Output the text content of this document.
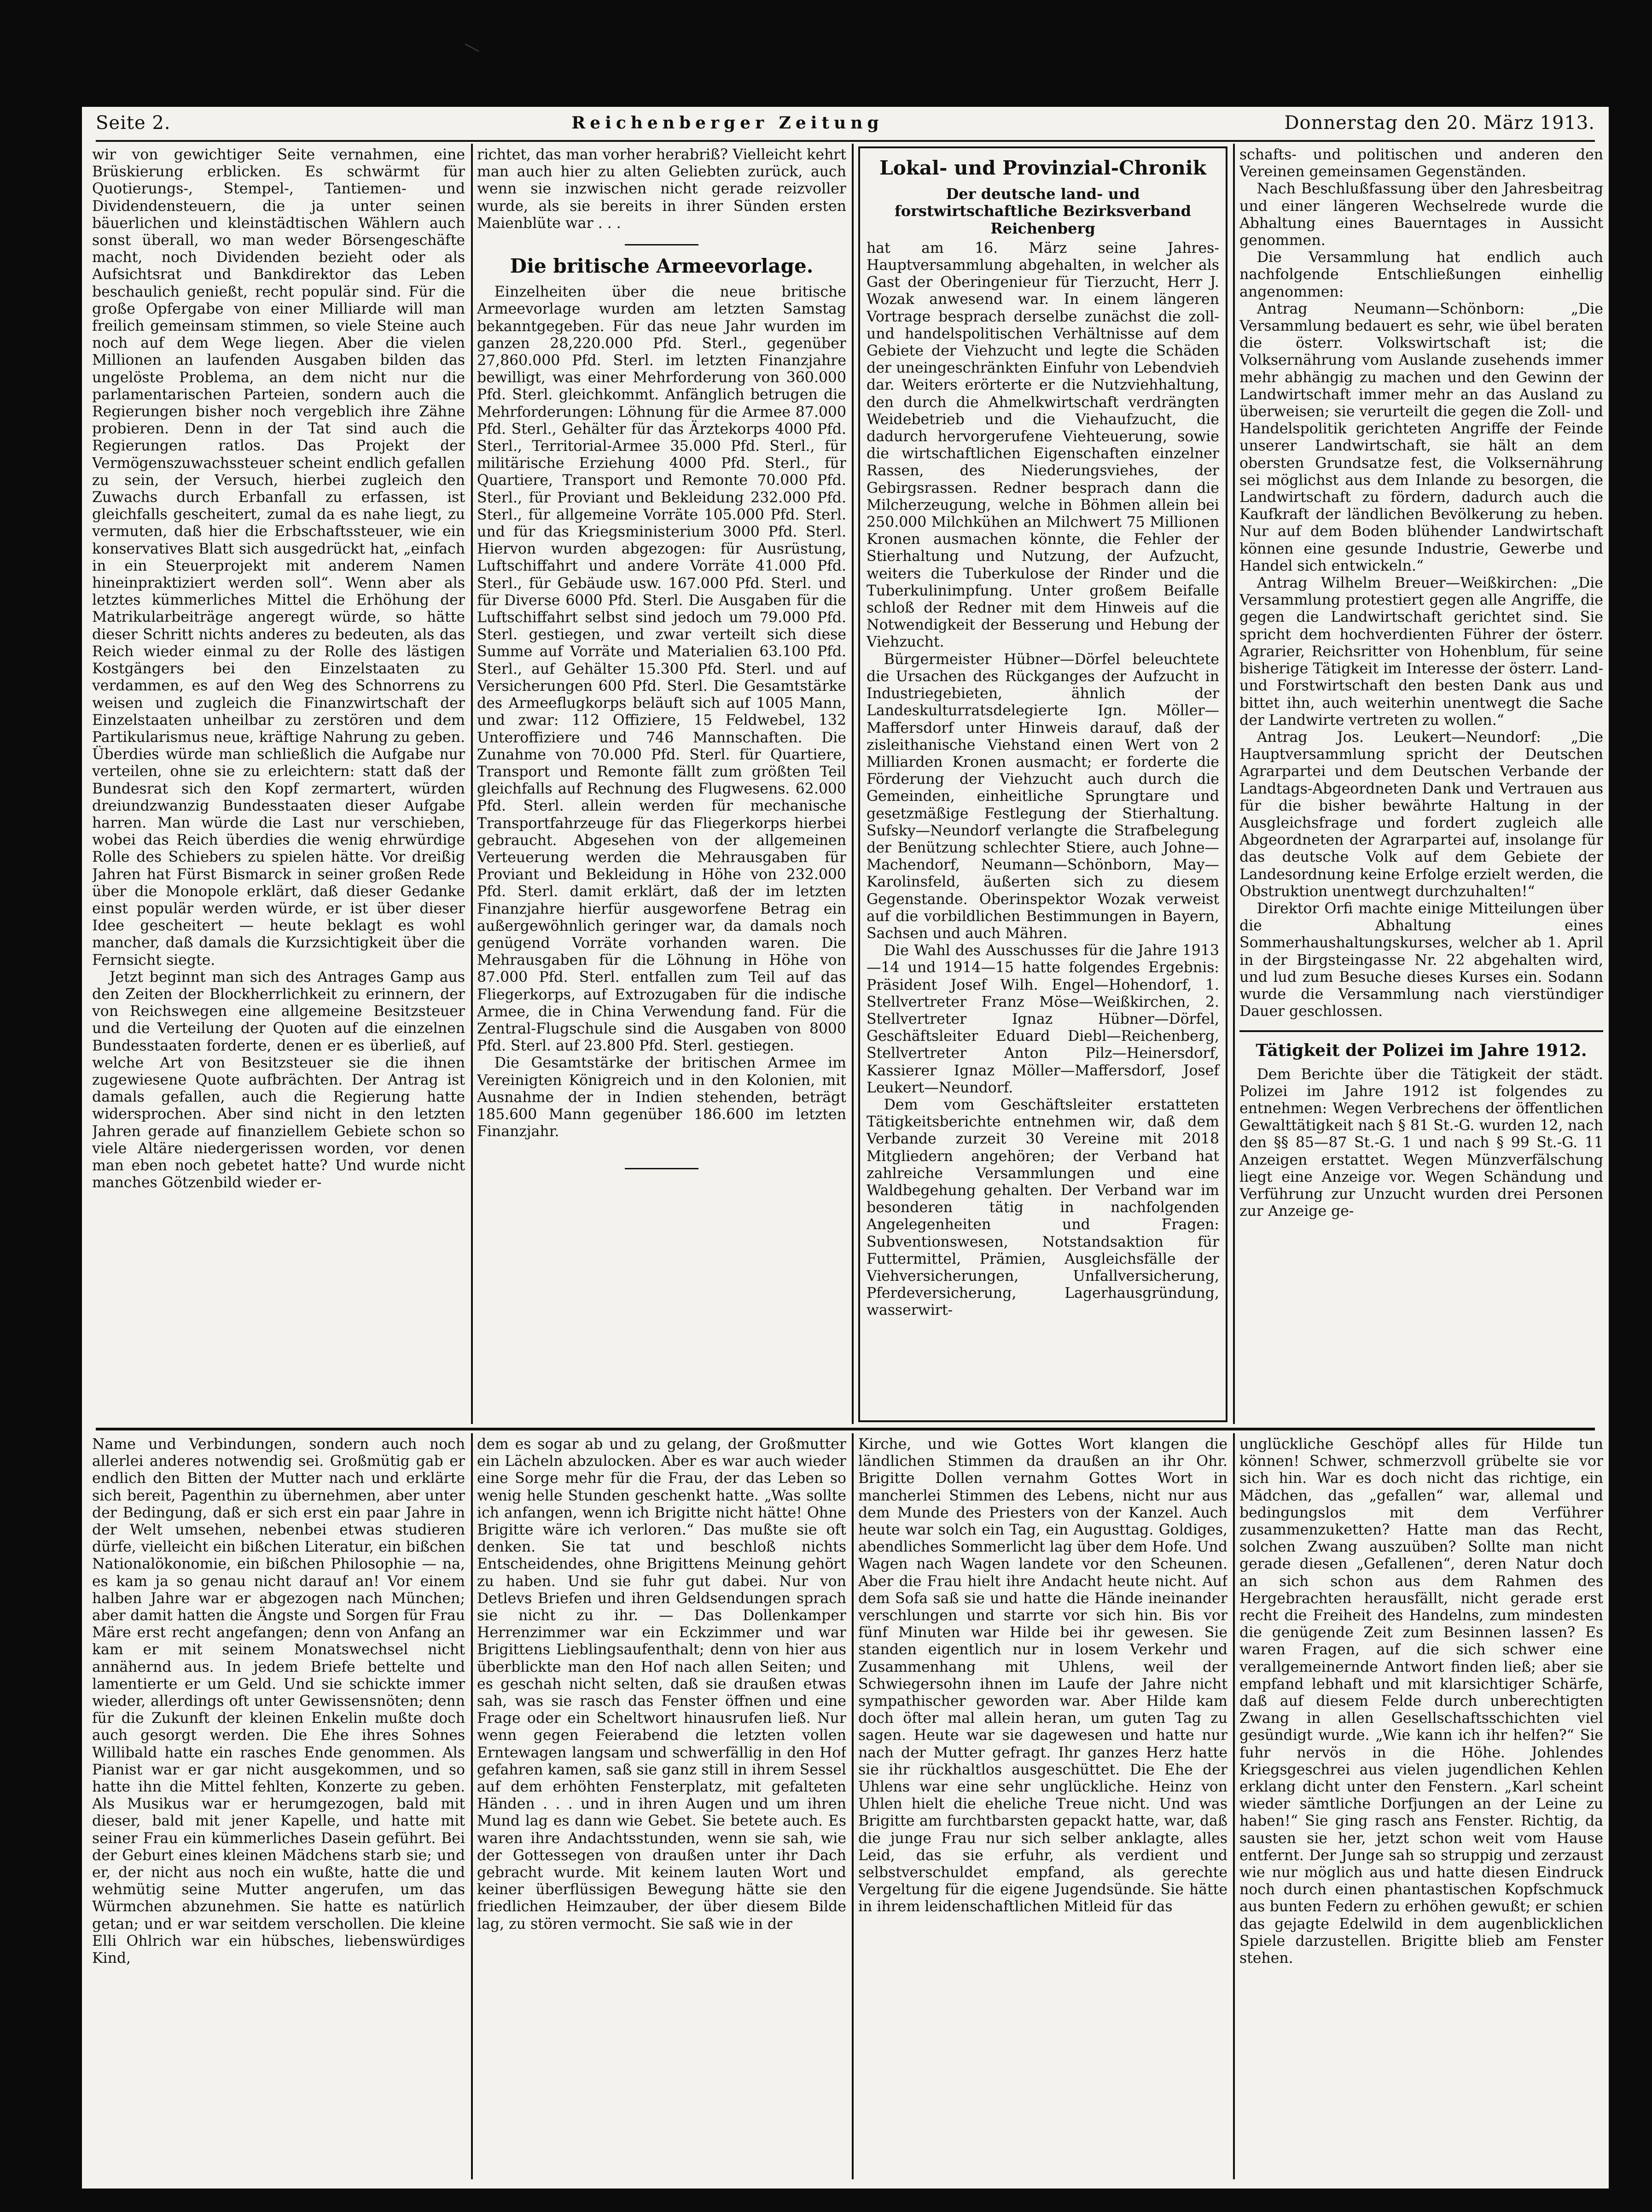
Seite 2.	Reichenberger Zeitung	Donnerstag den 20. März 1913.

wir von gewichtiger Seite vernahmen, eine Brüskierung erblicken. Es schwärmt für Quotierungs-, Stempel-, Tantiemen- und Dividendensteuern, die ja unter seinen bäuerlichen und kleinstädtischen Wählern auch sonst überall, wo man weder Börsengeschäfte macht, noch Dividenden bezieht oder als Aufsichtsrat und Bankdirektor das Leben beschaulich genießt, recht populär sind. Für die große Opfergabe von einer Milliarde will man freilich gemeinsam stimmen, so viele Steine auch noch auf dem Wege liegen. Aber die vielen Millionen an laufenden Ausgaben bilden das ungelöste Problema, an dem nicht nur die parlamentarischen Parteien, sondern auch die Regierungen bisher noch vergeblich ihre Zähne probieren. Denn in der Tat sind auch die Regierungen ratlos. Das Projekt der Vermögenszuwachssteuer scheint endlich gefallen zu sein, der Versuch, hierbei zugleich den Zuwachs durch Erbanfall zu erfassen, ist gleichfalls gescheitert, zumal da es nahe liegt, zu vermuten, daß hier die Erbschaftssteuer, wie ein konservatives Blatt sich ausgedrückt hat, „einfach in ein Steuerprojekt mit anderem Namen hineinpraktiziert werden soll“. Wenn aber als letztes kümmerliches Mittel die Erhöhung der Matrikularbeiträge angeregt würde, so hätte dieser Schritt nichts anderes zu bedeuten, als das Reich wieder einmal zu der Rolle des lästigen Kostgängers bei den Einzelstaaten zu verdammen, es auf den Weg des Schnorrens zu weisen und zugleich die Finanzwirtschaft der Einzelstaaten unheilbar zu zerstören und dem Partikularismus neue, kräftige Nahrung zu geben. Überdies würde man schließlich die Aufgabe nur verteilen, ohne sie zu erleichtern: statt daß der Bundesrat sich den Kopf zermartert, würden dreiundzwanzig Bundesstaaten dieser Aufgabe harren. Man würde die Last nur verschieben, wobei das Reich überdies die wenig ehrwürdige Rolle des Schiebers zu spielen hätte. Vor dreißig Jahren hat Fürst Bismarck in seiner großen Rede über die Monopole erklärt, daß dieser Gedanke einst populär werden würde, er ist über dieser Idee gescheitert — heute beklagt es wohl mancher, daß damals die Kurzsichtigkeit über die Fernsicht siegte.

Jetzt beginnt man sich des Antrages Gamp aus den Zeiten der Blockherrlichkeit zu erinnern, der von Reichswegen eine allgemeine Besitzsteuer und die Verteilung der Quoten auf die einzelnen Bundesstaaten forderte, denen er es überließ, auf welche Art von Besitzsteuer sie die ihnen zugewiesene Quote aufbrächten. Der Antrag ist damals gefallen, auch die Regierung hatte widersprochen. Aber sind nicht in den letzten Jahren gerade auf finanziellem Gebiete schon so viele Altäre niedergerissen worden, vor denen man eben noch gebetet hatte? Und wurde nicht manches Götzenbild wieder er-

richtet, das man vorher herabriß? Vielleicht kehrt man auch hier zu alten Geliebten zurück, auch wenn sie inzwischen nicht gerade reizvoller wurde, als sie bereits in ihrer Sünden ersten Maienblüte war . . .

Die britische Armeevorlage.

Einzelheiten über die neue britische Armeevorlage wurden am letzten Samstag bekanntgegeben. Für das neue Jahr wurden im ganzen 28,220.000 Pfd. Sterl., gegenüber 27,860.000 Pfd. Sterl. im letzten Finanzjahre bewilligt, was einer Mehrforderung von 360.000 Pfd. Sterl. gleichkommt. Anfänglich betrugen die Mehrforderungen: Löhnung für die Armee 87.000 Pfd. Sterl., Gehälter für das Ärztekorps 4000 Pfd. Sterl., Territorial-Armee 35.000 Pfd. Sterl., für militärische Erziehung 4000 Pfd. Sterl., für Quartiere, Transport und Remonte 70.000 Pfd. Sterl., für Proviant und Bekleidung 232.000 Pfd. Sterl., für allgemeine Vorräte 105.000 Pfd. Sterl. und für das Kriegsministerium 3000 Pfd. Sterl. Hiervon wurden abgezogen: für Ausrüstung, Luftschiffahrt und andere Vorräte 41.000 Pfd. Sterl., für Gebäude usw. 167.000 Pfd. Sterl. und für Diverse 6000 Pfd. Sterl. Die Ausgaben für die Luftschiffahrt selbst sind jedoch um 79.000 Pfd. Sterl. gestiegen, und zwar verteilt sich diese Summe auf Vorräte und Materialien 63.100 Pfd. Sterl., auf Gehälter 15.300 Pfd. Sterl. und auf Versicherungen 600 Pfd. Sterl. Die Gesamtstärke des Armeeflugkorps beläuft sich auf 1005 Mann, und zwar: 112 Offiziere, 15 Feldwebel, 132 Unteroffiziere und 746 Mannschaften. Die Zunahme von 70.000 Pfd. Sterl. für Quartiere, Transport und Remonte fällt zum größten Teil gleichfalls auf Rechnung des Flugwesens. 62.000 Pfd. Sterl. allein werden für mechanische Transportfahrzeuge für das Fliegerkorps hierbei gebraucht. Abgesehen von der allgemeinen Verteuerung werden die Mehrausgaben für Proviant und Bekleidung in Höhe von 232.000 Pfd. Sterl. damit erklärt, daß der im letzten Finanzjahre hierfür ausgeworfene Betrag ein außergewöhnlich geringer war, da damals noch genügend Vorräte vorhanden waren. Die Mehrausgaben für die Löhnung in Höhe von 87.000 Pfd. Sterl. entfallen zum Teil auf das Fliegerkorps, auf Extrozugaben für die indische Armee, die in China Verwendung fand. Für die Zentral-Flugschule sind die Ausgaben von 8000 Pfd. Sterl. auf 23.800 Pfd. Sterl. gestiegen.

Die Gesamtstärke der britischen Armee im Vereinigten Königreich und in den Kolonien, mit Ausnahme der in Indien stehenden, beträgt 185.600 Mann gegenüber 186.600 im letzten Finanzjahr.

Lokal- und Provinzial-Chronik
Der deutsche land- und forstwirtschaftliche Bezirksverband Reichenberg

hat am 16. März seine Jahres-Hauptversammlung abgehalten, in welcher als Gast der Oberingenieur für Tierzucht, Herr J. Wozak anwesend war. In einem längeren Vortrage besprach derselbe zunächst die zoll- und handelspolitischen Verhältnisse auf dem Gebiete der Viehzucht und legte die Schäden der uneingeschränkten Einfuhr von Lebendvieh dar. Weiters erörterte er die Nutzviehhaltung, den durch die Ahmelkwirtschaft verdrängten Weidebetrieb und die Viehaufzucht, die dadurch hervorgerufene Viehteuerung, sowie die wirtschaftlichen Eigenschaften einzelner Rassen, des Niederungsviehes, der Gebirgsrassen. Redner besprach dann die Milcherzeugung, welche in Böhmen allein bei 250.000 Milchkühen an Milchwert 75 Millionen Kronen ausmachen könnte, die Fehler der Stierhaltung und Nutzung, der Aufzucht, weiters die Tuberkulose der Rinder und die Tuberkulinimpfung. Unter großem Beifalle schloß der Redner mit dem Hinweis auf die Notwendigkeit der Besserung und Hebung der Viehzucht.

Bürgermeister Hübner—Dörfel beleuchtete die Ursachen des Rückganges der Aufzucht in Industriegebieten, ähnlich der Landeskulturratsdelegierte Ign. Möller—Maffersdorf unter Hinweis darauf, daß der zisleithanische Viehstand einen Wert von 2 Milliarden Kronen ausmacht; er forderte die Förderung der Viehzucht auch durch die Gemeinden, einheitliche Sprungtare und gesetzmäßige Festlegung der Stierhaltung. Sufsky—Neundorf verlangte die Strafbelegung der Benützung schlechter Stiere, auch Johne—Machendorf, Neumann—Schönborn, May—Karolinsfeld, äußerten sich zu diesem Gegenstande. Oberinspektor Wozak verweist auf die vorbildlichen Bestimmungen in Bayern, Sachsen und auch Mähren.

Die Wahl des Ausschusses für die Jahre 1913—14 und 1914—15 hatte folgendes Ergebnis: Präsident Josef Wilh. Engel—Hohendorf, 1. Stellvertreter Franz Möse—Weißkirchen, 2. Stellvertreter Ignaz Hübner—Dörfel, Geschäftsleiter Eduard Diebl—Reichenberg, Stellvertreter Anton Pilz—Heinersdorf, Kassierer Ignaz Möller—Maffersdorf, Josef Leukert—Neundorf.

Dem vom Geschäftsleiter erstatteten Tätigkeitsberichte entnehmen wir, daß dem Verbande zurzeit 30 Vereine mit 2018 Mitgliedern angehören; der Verband hat zahlreiche Versammlungen und eine Waldbegehung gehalten. Der Verband war im besonderen tätig in nachfolgenden Angelegenheiten und Fragen: Subventionswesen, Notstandsaktion für Futtermittel, Prämien, Ausgleichsfälle der Viehversicherungen, Unfallversicherung, Pferdeversicherung, Lagerhausgründung, wasserwirt-

schafts- und politischen und anderen den Vereinen gemeinsamen Gegenständen.

Nach Beschlußfassung über den Jahresbeitrag und einer längeren Wechselrede wurde die Abhaltung eines Bauerntages in Aussicht genommen.

Die Versammlung hat endlich auch nachfolgende Entschließungen einhellig angenommen:

Antrag Neumann—Schönborn: „Die Versammlung bedauert es sehr, wie übel beraten die österr. Volkswirtschaft ist; die Volksernährung vom Auslande zusehends immer mehr abhängig zu machen und den Gewinn der Landwirtschaft immer mehr an das Ausland zu überweisen; sie verurteilt die gegen die Zoll- und Handelspolitik gerichteten Angriffe der Feinde unserer Landwirtschaft, sie hält an dem obersten Grundsatze fest, die Volksernährung sei möglichst aus dem Inlande zu besorgen, die Landwirtschaft zu fördern, dadurch auch die Kaufkraft der ländlichen Bevölkerung zu heben. Nur auf dem Boden blühender Landwirtschaft können eine gesunde Industrie, Gewerbe und Handel sich entwickeln.“

Antrag Wilhelm Breuer—Weißkirchen: „Die Versammlung protestiert gegen alle Angriffe, die gegen die Landwirtschaft gerichtet sind. Sie spricht dem hochverdienten Führer der österr. Agrarier, Reichsritter von Hohenblum, für seine bisherige Tätigkeit im Interesse der österr. Land- und Forstwirtschaft den besten Dank aus und bittet ihn, auch weiterhin unentwegt die Sache der Landwirte vertreten zu wollen.“

Antrag Jos. Leukert—Neundorf: „Die Hauptversammlung spricht der Deutschen Agrarpartei und dem Deutschen Verbande der Landtags-Abgeordneten Dank und Vertrauen aus für die bisher bewährte Haltung in der Ausgleichsfrage und fordert zugleich alle Abgeordneten der Agrarpartei auf, insolange für das deutsche Volk auf dem Gebiete der Landesordnung keine Erfolge erzielt werden, die Obstruktion unentwegt durchzuhalten!“

Direktor Orfi machte einige Mitteilungen über die Abhaltung eines Sommerhaushaltungskurses, welcher ab 1. April in der Birgsteingasse Nr. 22 abgehalten wird, und lud zum Besuche dieses Kurses ein. Sodann wurde die Versammlung nach vierstündiger Dauer geschlossen.

Tätigkeit der Polizei im Jahre 1912.

Dem Berichte über die Tätigkeit der städt. Polizei im Jahre 1912 ist folgendes zu entnehmen: Wegen Verbrechens der öffentlichen Gewalttätigkeit nach § 81 St.-G. wurden 12, nach den §§ 85—87 St.-G. 1 und nach § 99 St.-G. 11 Anzeigen erstattet. Wegen Münzverfälschung liegt eine Anzeige vor. Wegen Schändung und Verführung zur Unzucht wurden drei Personen zur Anzeige ge-

Name und Verbindungen, sondern auch noch allerlei anderes notwendig sei. Großmütig gab er endlich den Bitten der Mutter nach und erklärte sich bereit, Pagenthin zu übernehmen, aber unter der Bedingung, daß er sich erst ein paar Jahre in der Welt umsehen, nebenbei etwas studieren dürfe, vielleicht ein bißchen Literatur, ein bißchen Nationalökonomie, ein bißchen Philosophie — na, es kam ja so genau nicht darauf an! Vor einem halben Jahre war er abgezogen nach München; aber damit hatten die Ängste und Sorgen für Frau Märe erst recht angefangen; denn von Anfang an kam er mit seinem Monatswechsel nicht annähernd aus. In jedem Briefe bettelte und lamentierte er um Geld. Und sie schickte immer wieder, allerdings oft unter Gewissensnöten; denn für die Zukunft der kleinen Enkelin mußte doch auch gesorgt werden. Die Ehe ihres Sohnes Willibald hatte ein rasches Ende genommen. Als Pianist war er gar nicht ausgekommen, und so hatte ihn die Mittel fehlten, Konzerte zu geben. Als Musikus war er herumgezogen, bald mit dieser, bald mit jener Kapelle, und hatte mit seiner Frau ein kümmerliches Dasein geführt. Bei der Geburt eines kleinen Mädchens starb sie; und er, der nicht aus noch ein wußte, hatte die und wehmütig seine Mutter angerufen, um das Würmchen abzunehmen. Sie hatte es natürlich getan; und er war seitdem verschollen. Die kleine Elli Ohlrich war ein hübsches, liebenswürdiges Kind,

dem es sogar ab und zu gelang, der Großmutter ein Lächeln abzulocken. Aber es war auch wieder eine Sorge mehr für die Frau, der das Leben so wenig helle Stunden geschenkt hatte. „Was sollte ich anfangen, wenn ich Brigitte nicht hätte! Ohne Brigitte wäre ich verloren.“ Das mußte sie oft denken. Sie tat und beschloß nichts Entscheidendes, ohne Brigittens Meinung gehört zu haben. Und sie fuhr gut dabei. Nur von Detlevs Briefen und ihren Geldsendungen sprach sie nicht zu ihr. — Das Dollenkamper Herrenzimmer war ein Eckzimmer und war Brigittens Lieblingsaufenthalt; denn von hier aus überblickte man den Hof nach allen Seiten; und es geschah nicht selten, daß sie draußen etwas sah, was sie rasch das Fenster öffnen und eine Frage oder ein Scheltwort hinausrufen ließ. Nur wenn gegen Feierabend die letzten vollen Erntewagen langsam und schwerfällig in den Hof gefahren kamen, saß sie ganz still in ihrem Sessel auf dem erhöhten Fensterplatz, mit gefalteten Händen . . . und in ihren Augen und um ihren Mund lag es dann wie Gebet. Sie betete auch. Es waren ihre Andachtsstunden, wenn sie sah, wie der Gottessegen von draußen unter ihr Dach gebracht wurde. Mit keinem lauten Wort und keiner überflüssigen Bewegung hätte sie den friedlichen Heimzauber, der über diesem Bilde lag, zu stören vermocht. Sie saß wie in der

Kirche, und wie Gottes Wort klangen die ländlichen Stimmen da draußen an ihr Ohr. Brigitte Dollen vernahm Gottes Wort in mancherlei Stimmen des Lebens, nicht nur aus dem Munde des Priesters von der Kanzel. Auch heute war solch ein Tag, ein Augusttag. Goldiges, abendliches Sommerlicht lag über dem Hofe. Und Wagen nach Wagen landete vor den Scheunen. Aber die Frau hielt ihre Andacht heute nicht. Auf dem Sofa saß sie und hatte die Hände ineinander verschlungen und starrte vor sich hin. Bis vor fünf Minuten war Hilde bei ihr gewesen. Sie standen eigentlich nur in losem Verkehr und Zusammenhang mit Uhlens, weil der Schwiegersohn ihnen im Laufe der Jahre nicht sympathischer geworden war. Aber Hilde kam doch öfter mal allein heran, um guten Tag zu sagen. Heute war sie dagewesen und hatte nur nach der Mutter gefragt. Ihr ganzes Herz hatte sie ihr rückhaltlos ausgeschüttet. Die Ehe der Uhlens war eine sehr unglückliche. Heinz von Uhlen hielt die eheliche Treue nicht. Und was Brigitte am furchtbarsten gepackt hatte, war, daß die junge Frau nur sich selber anklagte, alles Leid, das sie erfuhr, als verdient und selbstverschuldet empfand, als gerechte Vergeltung für die eigene Jugendsünde. Sie hätte in ihrem leidenschaftlichen Mitleid für das

unglückliche Geschöpf alles für Hilde tun können! Schwer, schmerzvoll grübelte sie vor sich hin. War es doch nicht das richtige, ein Mädchen, das „gefallen“ war, allemal und bedingungslos mit dem Verführer zusammenzuketten? Hatte man das Recht, solchen Zwang auszuüben? Sollte man nicht gerade diesen „Gefallenen“, deren Natur doch an sich schon aus dem Rahmen des Hergebrachten herausfällt, nicht gerade erst recht die Freiheit des Handelns, zum mindesten die genügende Zeit zum Besinnen lassen? Es waren Fragen, auf die sich schwer eine verallgemeinernde Antwort finden ließ; aber sie empfand lebhaft und mit klarsichtiger Schärfe, daß auf diesem Felde durch unberechtigten Zwang in allen Gesellschaftsschichten viel gesündigt wurde. „Wie kann ich ihr helfen?“ Sie fuhr nervös in die Höhe. Johlendes Kriegsgeschrei aus vielen jugendlichen Kehlen erklang dicht unter den Fenstern. „Karl scheint wieder sämtliche Dorfjungen an der Leine zu haben!“ Sie ging rasch ans Fenster. Richtig, da sausten sie her, jetzt schon weit vom Hause entfernt. Der Junge sah so struppig und zerzaust wie nur möglich aus und hatte diesen Eindruck noch durch einen phantastischen Kopfschmuck aus bunten Federn zu erhöhen gewußt; er schien das gejagte Edelwild in dem augenblicklichen Spiele darzustellen. Brigitte blieb am Fenster stehen.
